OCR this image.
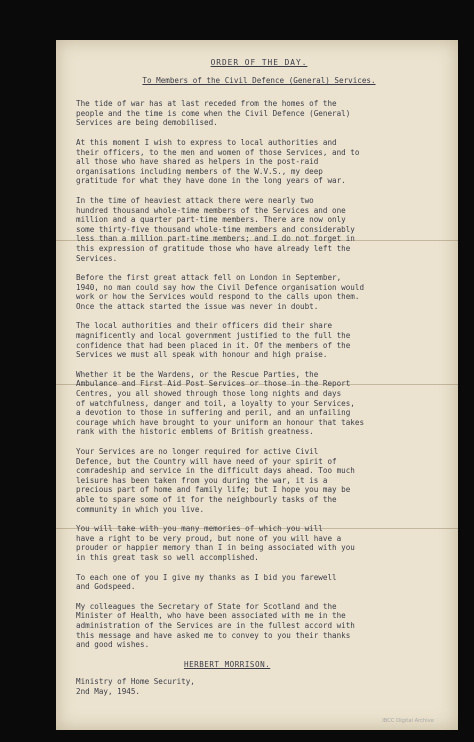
ORDER OF THE DAY.
To Members of the Civil Defence (General) Services.
The tide of war has at last receded from the homes of the
people and the time is come when the Civil Defence (General)
Services are being demobilised.
At this moment I wish to express to local authorities and
their officers, to the men and women of those Services, and to
all those who have shared as helpers in the post-raid
organisations including members of the W.V.S., my deep
gratitude for what they have done in the long years of war.
In the time of heaviest attack there were nearly two
hundred thousand whole-time members of the Services and one
million and a quarter part-time members. There are now only
some thirty-five thousand whole-time members and considerably
less than a million part-time members; and I do not forget in
this expression of gratitude those who have already left the
Services.
Before the first great attack fell on London in September,
1940, no man could say how the Civil Defence organisation would
work or how the Services would respond to the calls upon them.
Once the attack started the issue was never in doubt.
The local authorities and their officers did their share
magnificently and local government justified to the full the
confidence that had been placed in it. Of the members of the
Services we must all speak with honour and high praise.
Whether it be the Wardens, or the Rescue Parties, the
Ambulance and First Aid Post Services or those in the Report
Centres, you all showed through those long nights and days
of watchfulness, danger and toil, a loyalty to your Services,
a devotion to those in suffering and peril, and an unfailing
courage which have brought to your uniform an honour that takes
rank with the historic emblems of British greatness.
Your Services are no longer required for active Civil
Defence, but the Country will have need of your spirit of
comradeship and service in the difficult days ahead. Too much
leisure has been taken from you during the war, it is a
precious part of home and family life; but I hope you may be
able to spare some of it for the neighbourly tasks of the
community in which you live.
You will take with you many memories of which you will
have a right to be very proud, but none of you will have a
prouder or happier memory than I in being associated with you
in this great task so well accomplished.
To each one of you I give my thanks as I bid you farewell
and Godspeed.
My colleagues the Secretary of State for Scotland and the
Minister of Health, who have been associated with me in the
administration of the Services are in the fullest accord with
this message and have asked me to convey to you their thanks
and good wishes.
HERBERT MORRISON.
Ministry of Home Security,
2nd May, 1945.
IBCC Digital Archive
